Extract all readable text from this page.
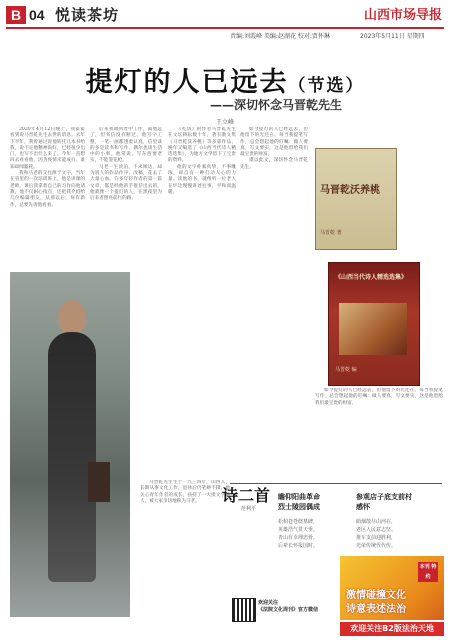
B 04 悦读茶坊	山西市场导报
责编:刘霞峰 美编:赵湖花 校对:贾怀琳	2023年5月11日 星期四
提灯的人已远去（节选）
——深切怀念马晋乾先生
王立峰

2020年4月12日晚上，我霍霍看到说马晋乾先生去世的消息。去年下半年，我曾通过说他转托几本书给我，说不定他精神尚好，已经很少出门，也写不出什么来了。今年一直想回去看看他，因为疫情未能成行，谁知却闻噩耗。

我和马老的交往源于文字，当年在省里的一次培训班上，他是讲课的老师，课后我拿着自己的习作向他请教，他不仅耐心指点，还把我介绍给几位编辑朋友。从那以后，每有新作，总要先请他看看。

后来我调到晋中工作，离他远了，但书信没有断过。他写字工整，一笔一画都透着认真，信里谈的多是读书和写作，偶尔也谈生活中的小事。他常说，写东西要老实，不能耍花枪。

马老一生淡泊，不求闻达，却为别人的作品作序、改稿，花去了大量心血。许多年轻作者的第一篇文章，都是经他的手推荐出去的。他就像一个提灯的人，在黑夜里为后来者照亮前行的路。

《吃饭》的作者马晋乾先生在文坛耕耘数十年，著有散文集《马晋乾沃养桃》等多部作品，晚年又编选了《山西当代诗人精选选集》，为地方文学留下了宝贵的资料。

他的文字朴素真挚，不事雕琢，却自有一种打动人心的力量。读他的书，就像听一位老人在炉边慢慢讲述往事，平和而温暖。

如今提灯的人已经远去，但他留下的光还在。每当我提笔写作，总会想起他的叮嘱：做人要真，写文要实。这是他留给我们最宝贵的财富。

谨以此文，深切怀念马晋乾先生。

马晋乾先生生于一九三四年，山西人，长期从事文化工作，退休后仍笔耕不辍。他关心青年作者的成长，扶持了一大批文学新人，被大家亲切地称为马老。

如今提灯的人已经远去，但他留下的光还在。每当我提笔写作，总会想起他的叮嘱：做人要真，写文要实。这是他留给我们最宝贵的财富。

马晋乾沃养桃
马晋乾 著
《山西当代诗人精选选集》
马晋乾 编
诗二首
范利平
瞻仰阳曲革命烈士陵园偶成
松柏苍苍绕墓碑，
英雄浩气贯天垂。
青山有幸埋忠骨，
后辈长怀报国时。
参观店子底支前村感怀
硝烟散尽山河在，
老区人民意志坚。
推车支前迎胜利，
光荣传统代代传。
欢迎关注
《法院文化周刊》官方微信
本刊 特约
激情碰撞文化
诗意表述法治
欢迎关注B2版法治天地
